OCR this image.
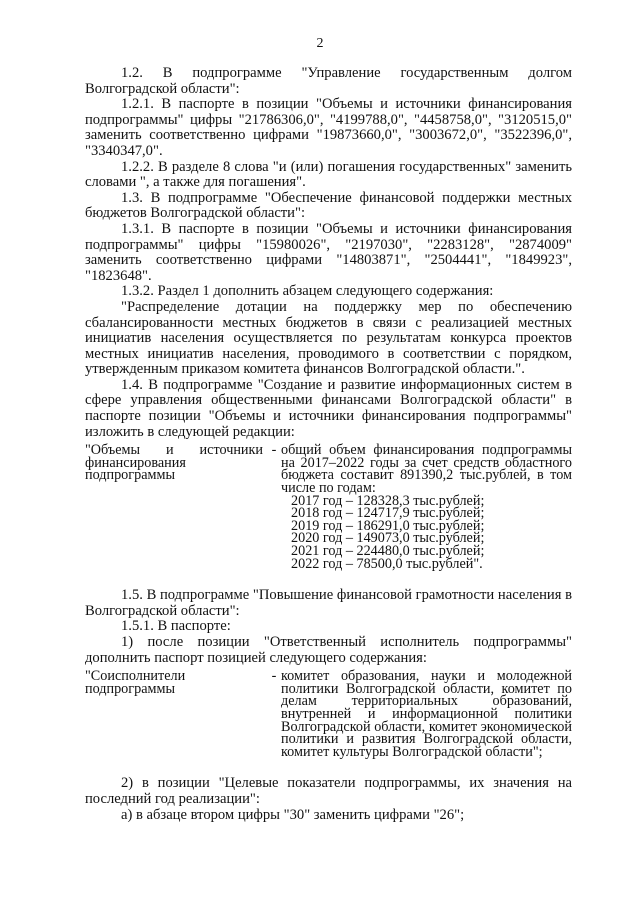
2

1.2. В подпрограмме "Управление государственным долгом Волгоградской области":

1.2.1. В паспорте в позиции "Объемы и источники финансирования подпрограммы" цифры "21786306,0", "4199788,0", "4458758,0", "3120515,0" заменить соответственно цифрами "19873660,0", "3003672,0", "3522396,0", "3340347,0".

1.2.2. В разделе 8 слова "и (или) погашения государственных" заменить словами ", а также для погашения".

1.3. В подпрограмме "Обеспечение финансовой поддержки местных бюджетов Волгоградской области":

1.3.1. В паспорте в позиции "Объемы и источники финансирования подпрограммы" цифры "15980026", "2197030", "2283128", "2874009" заменить соответственно цифрами "14803871", "2504441", "1849923", "1823648".

1.3.2. Раздел 1 дополнить абзацем следующего содержания:

"Распределение дотации на поддержку мер по обеспечению сбалансированности местных бюджетов в связи с реализацией местных инициатив населения осуществляется по результатам конкурса проектов местных инициатив населения, проводимого в соответствии с порядком, утвержденным приказом комитета финансов Волгоградской области.".

1.4. В подпрограмме "Создание и развитие информационных систем в сфере управления общественными финансами Волгоградской области" в паспорте позиции "Объемы и источники финансирования подпрограммы" изложить в следующей редакции:

"Объемы и источники финансирования подпрограммы
- общий объем финансирования подпрограммы на 2017–2022 годы за счет средств областного бюджета составит 891390,2 тыс.рублей, в том числе по годам:
2017 год – 128328,3 тыс.рублей;
2018 год – 124717,9 тыс.рублей;
2019 год – 186291,0 тыс.рублей;
2020 год – 149073,0 тыс.рублей;
2021 год – 224480,0 тыс.рублей;
2022 год – 78500,0 тыс.рублей".

1.5. В подпрограмме "Повышение финансовой грамотности населения в Волгоградской области":

1.5.1. В паспорте:

1) после позиции "Ответственный исполнитель подпрограммы" дополнить паспорт позицией следующего содержания:

"Соисполнители подпрограммы
- комитет образования, науки и молодежной политики Волгоградской области, комитет по делам территориальных образований, внутренней и информационной политики Волгоградской области, комитет экономической политики и развития Волгоградской области, комитет культуры Волгоградской области";

2) в позиции "Целевые показатели подпрограммы, их значения на последний год реализации":

а) в абзаце втором цифры "30" заменить цифрами "26";
